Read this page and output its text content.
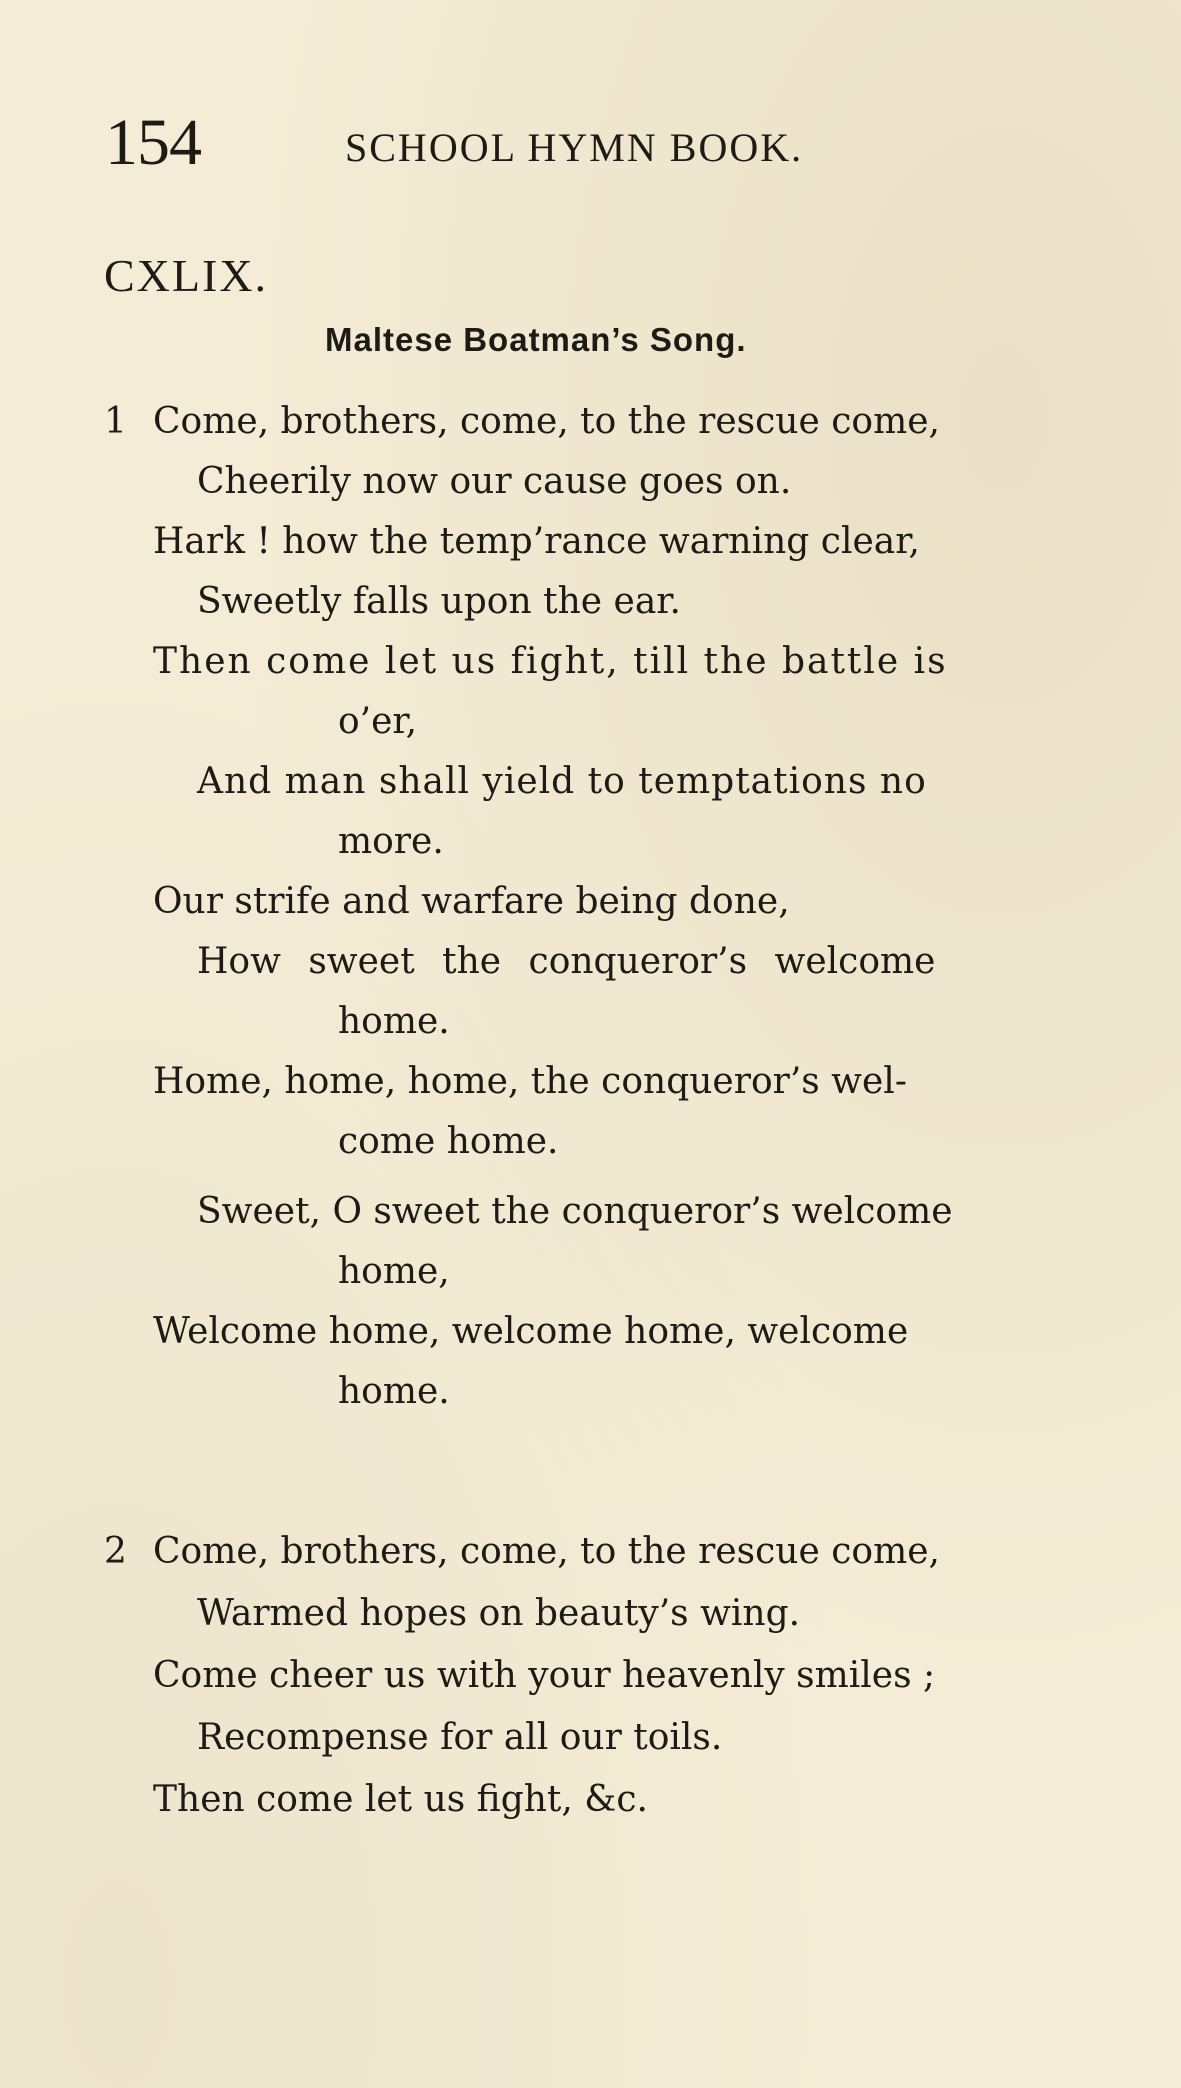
154	SCHOOL HYMN BOOK.
CXLIX.
Maltese Boatman’s Song.
1 Come, brothers, come, to the rescue come,
Cheerily now our cause goes on.
Hark ! how the temp’rance warning clear,
Sweetly falls upon the ear.
Then come let us fight, till the battle is
o’er,
And man shall yield to temptations no
more.
Our strife and warfare being done,
How sweet the conqueror’s welcome
home.
Home, home, home, the conqueror’s wel-
come home.
Sweet, O sweet the conqueror’s welcome
home,
Welcome home, welcome home, welcome
home.
2 Come, brothers, come, to the rescue come,
Warmed hopes on beauty’s wing.
Come cheer us with your heavenly smiles ;
Recompense for all our toils.
Then come let us fight, &c.
